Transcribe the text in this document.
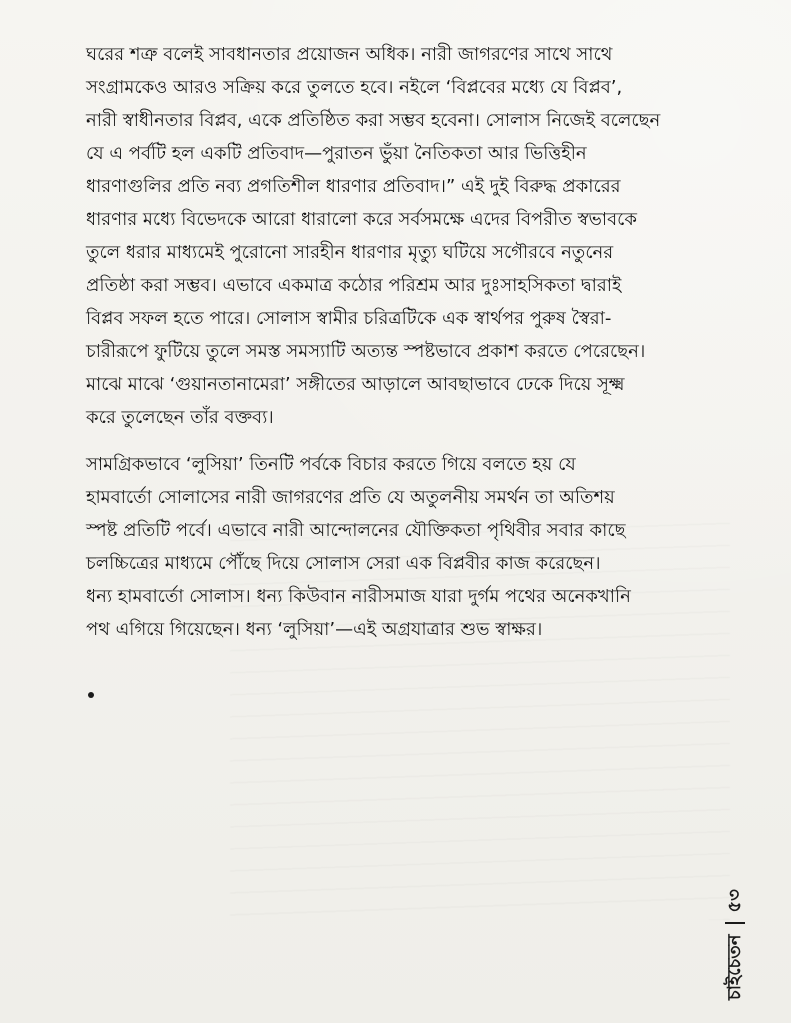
ঘরের শত্রু বলেই সাবধানতার প্রয়োজন অধিক। নারী জাগরণের সাথে সাথে
সংগ্রামকেও আরও সক্রিয় করে তুলতে হবে। নইলে ‘বিপ্লবের মধ্যে যে বিপ্লব’,
নারী স্বাধীনতার বিপ্লব, একে প্রতিষ্ঠিত করা সম্ভব হবেনা। সোলাস নিজেই বলেছেন
যে এ পর্বটি হল একটি প্রতিবাদ—পুরাতন ভুঁয়া নৈতিকতা আর ভিত্তিহীন
ধারণাগুলির প্রতি নব্য প্রগতিশীল ধারণার প্রতিবাদ।” এই দুই বিরুদ্ধ প্রকারের
ধারণার মধ্যে বিভেদকে আরো ধারালো করে সর্বসমক্ষে এদের বিপরীত স্বভাবকে
তুলে ধরার মাধ্যমেই পুরোনো সারহীন ধারণার মৃত্যু ঘটিয়ে সগৌরবে নতুনের
প্রতিষ্ঠা করা সম্ভব। এভাবে একমাত্র কঠোর পরিশ্রম আর দুঃসাহসিকতা দ্বারাই
বিপ্লব সফল হতে পারে। সোলাস স্বামীর চরিত্রটিকে এক স্বার্থপর পুরুষ স্বৈরা-
চারীরূপে ফুটিয়ে তুলে সমস্ত সমস্যাটি অত্যন্ত স্পষ্টভাবে প্রকাশ করতে পেরেছেন।
মাঝে মাঝে ‘গুয়ানতানামেরা’ সঙ্গীতের আড়ালে আবছাভাবে ঢেকে দিয়ে সূক্ষ্ম
করে তুলেছেন তাঁর বক্তব্য।

সামগ্রিকভাবে ‘লুসিয়া’ তিনটি পর্বকে বিচার করতে গিয়ে বলতে হয় যে
হামবার্তো সোলাসের নারী জাগরণের প্রতি যে অতুলনীয় সমর্থন তা অতিশয়
স্পষ্ট প্রতিটি পর্বে। এভাবে নারী আন্দোলনের যৌক্তিকতা পৃথিবীর সবার কাছে
চলচ্চিত্রের মাধ্যমে পৌঁছে দিয়ে সোলাস সেরা এক বিপ্লবীর কাজ করেছেন।
ধন্য হামবার্তো সোলাস। ধন্য কিউবান নারীসমাজ যারা দুর্গম পথের অনেকখানি
পথ এগিয়ে গিয়েছেন। ধন্য ‘লুসিয়া’—এই অগ্রযাত্রার শুভ স্বাক্ষর।

চাইচেতন
৫৩
